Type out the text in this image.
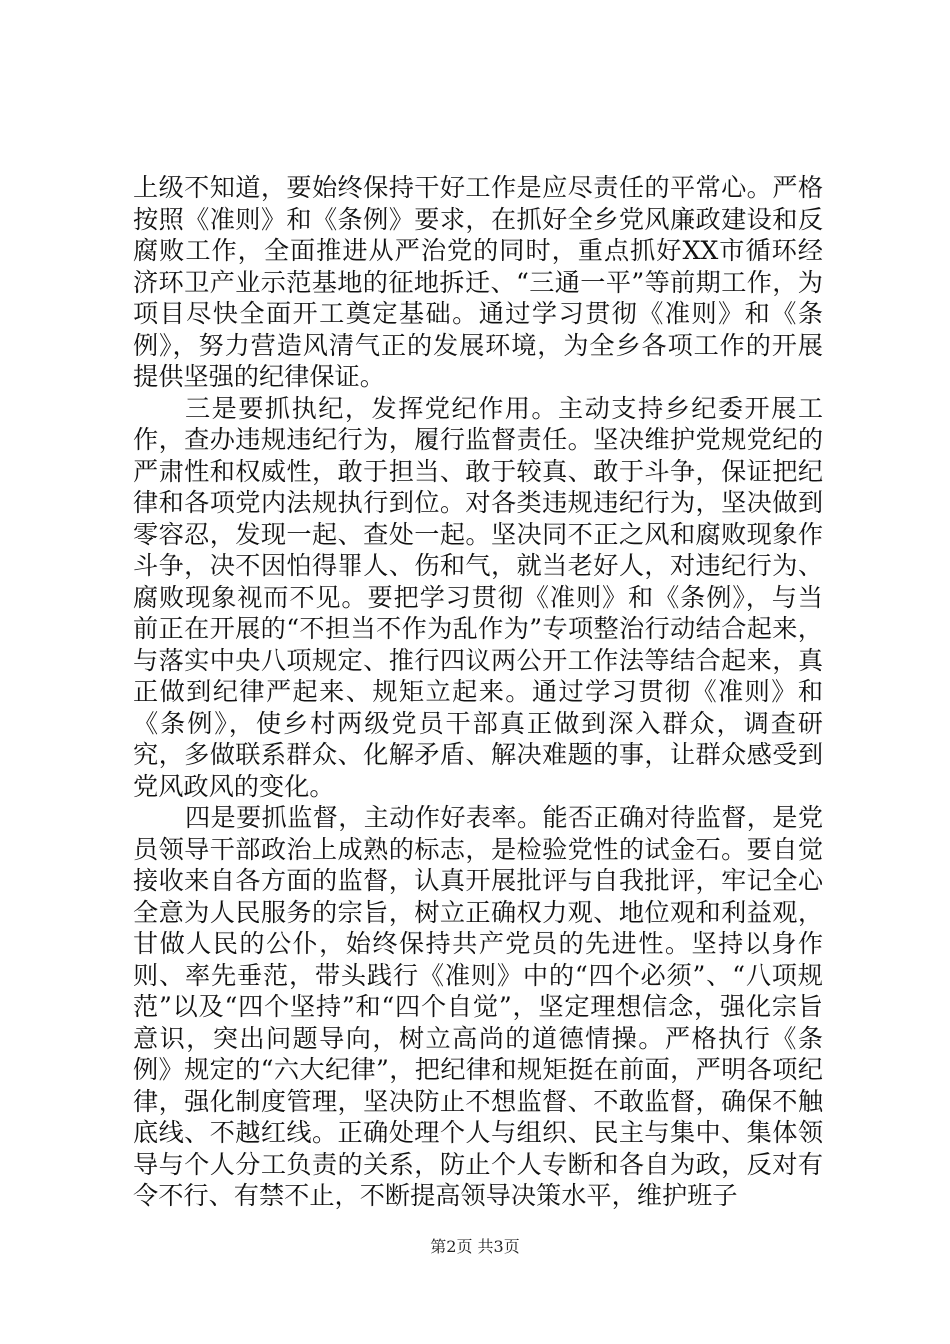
上级不知道，要始终保持干好工作是应尽责任的平常心。严格按照《准则》和《条例》要求，在抓好全乡党风廉政建设和反腐败工作，全面推进从严治党的同时，重点抓好XX市循环经济环卫产业示范基地的征地拆迁、“三通一平”等前期工作，为项目尽快全面开工奠定基础。通过学习贯彻《准则》和《条例》，努力营造风清气正的发展环境，为全乡各项工作的开展提供坚强的纪律保证。

三是要抓执纪，发挥党纪作用。主动支持乡纪委开展工作，查办违规违纪行为，履行监督责任。坚决维护党规党纪的严肃性和权威性，敢于担当、敢于较真、敢于斗争，保证把纪律和各项党内法规执行到位。对各类违规违纪行为，坚决做到零容忍，发现一起、查处一起。坚决同不正之风和腐败现象作斗争，决不因怕得罪人、伤和气，就当老好人，对违纪行为、腐败现象视而不见。要把学习贯彻《准则》和《条例》，与当前正在开展的“不担当不作为乱作为”专项整治行动结合起来，与落实中央八项规定、推行四议两公开工作法等结合起来，真正做到纪律严起来、规矩立起来。通过学习贯彻《准则》和《条例》，使乡村两级党员干部真正做到深入群众，调查研究，多做联系群众、化解矛盾、解决难题的事，让群众感受到党风政风的变化。

四是要抓监督，主动作好表率。能否正确对待监督，是党员领导干部政治上成熟的标志，是检验党性的试金石。要自觉接收来自各方面的监督，认真开展批评与自我批评，牢记全心全意为人民服务的宗旨，树立正确权力观、地位观和利益观，甘做人民的公仆，始终保持共产党员的先进性。坚持以身作则、率先垂范，带头践行《准则》中的“四个必须”、“八项规范”以及“四个坚持”和“四个自觉”，坚定理想信念，强化宗旨意识，突出问题导向，树立高尚的道德情操。严格执行《条例》规定的“六大纪律”，把纪律和规矩挺在前面，严明各项纪律，强化制度管理，坚决防止不想监督、不敢监督，确保不触底线、不越红线。正确处理个人与组织、民主与集中、集体领导与个人分工负责的关系，防止个人专断和各自为政，反对有令不行、有禁不止，不断提高领导决策水平，维护班子

第2页 共3页
